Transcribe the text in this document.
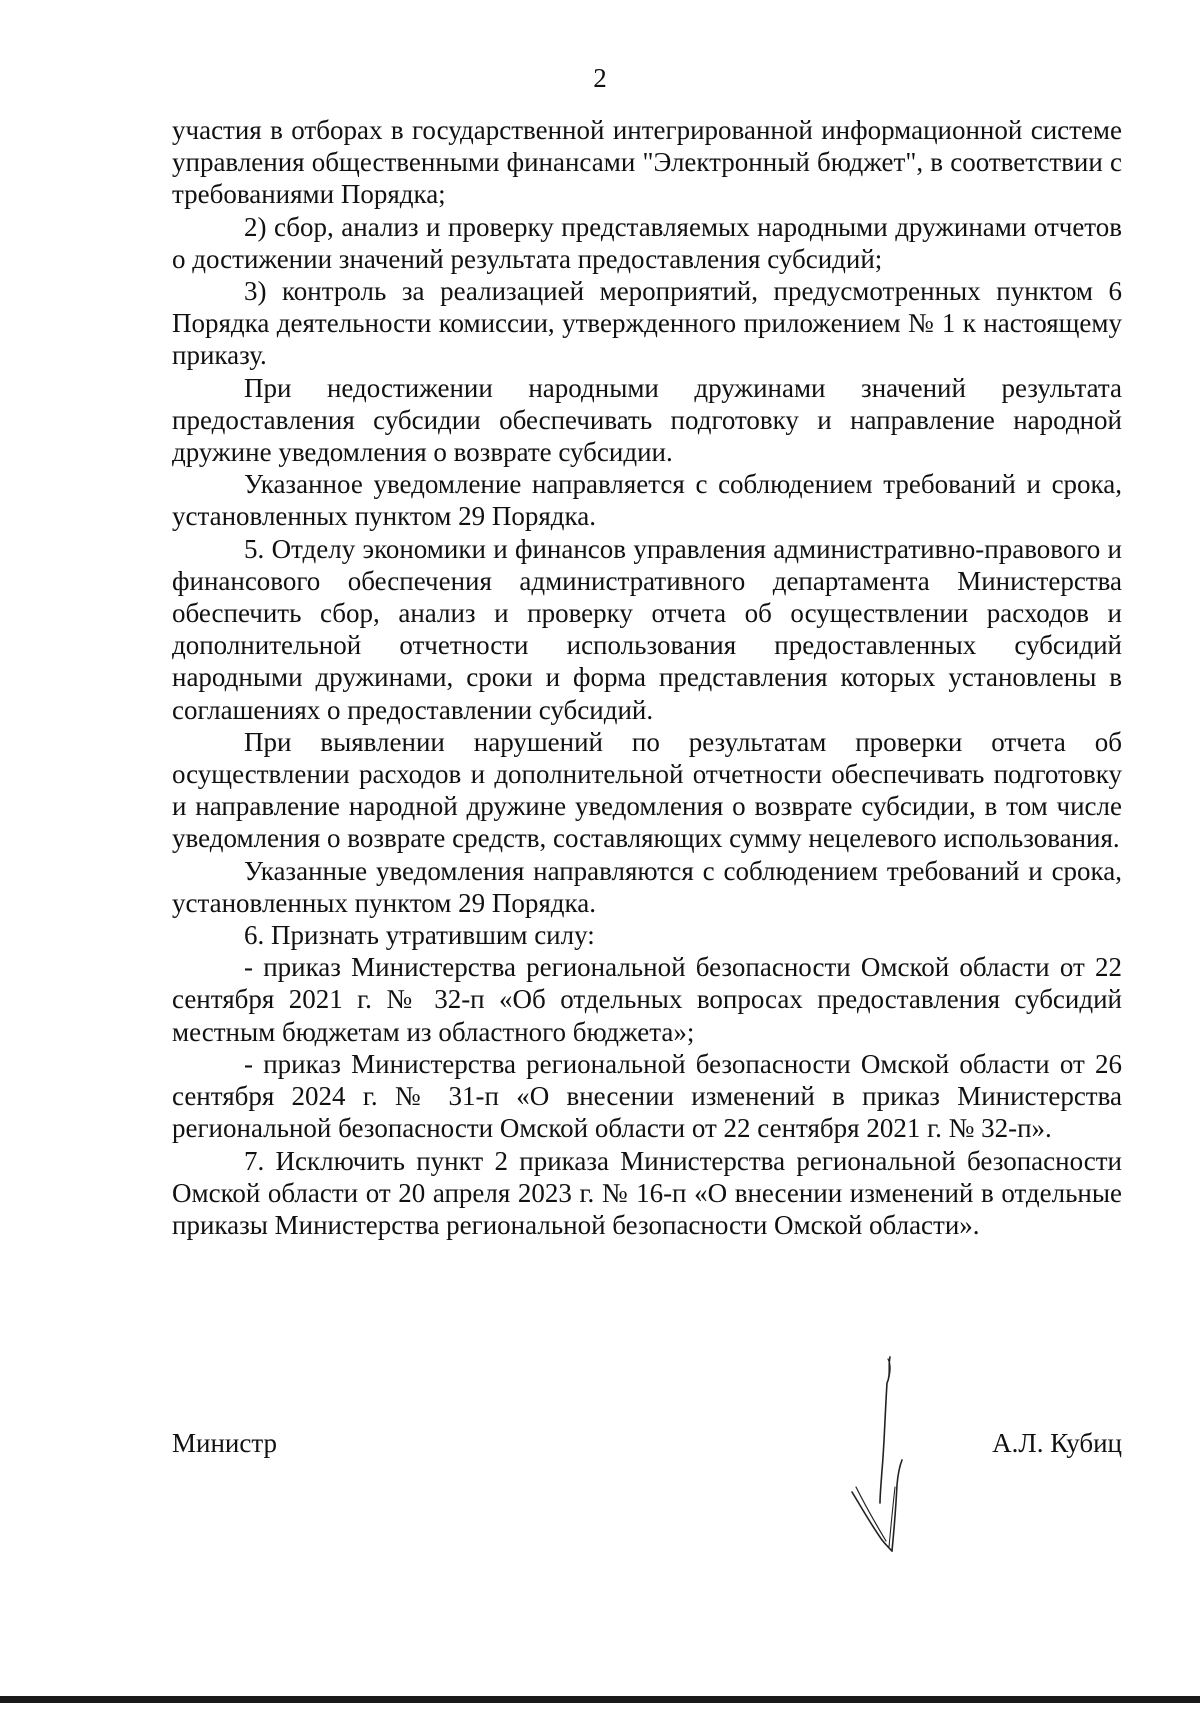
2

участия в отборах в государственной интегрированной информационной системе управления общественными финансами "Электронный бюджет", в соответствии с требованиями Порядка;

2) сбор, анализ и проверку представляемых народными дружинами отчетов о достижении значений результата предоставления субсидий;

3) контроль за реализацией мероприятий, предусмотренных пунктом 6 Порядка деятельности комиссии, утвержденного приложением № 1 к настоящему приказу.

При недостижении народными дружинами значений результата предоставления субсидии обеспечивать подготовку и направление народной дружине уведомления о возврате субсидии.

Указанное уведомление направляется с соблюдением требований и срока, установленных пунктом 29 Порядка.

5. Отделу экономики и финансов управления административно-правового и финансового обеспечения административного департамента Министерства обеспечить сбор, анализ и проверку отчета об осуществлении расходов и дополнительной отчетности использования предоставленных субсидий народными дружинами, сроки и форма представления которых установлены в соглашениях о предоставлении субсидий.

При выявлении нарушений по результатам проверки отчета об осуществлении расходов и дополнительной отчетности обеспечивать подготовку и направление народной дружине уведомления о возврате субсидии, в том числе уведомления о возврате средств, составляющих сумму нецелевого использования.

Указанные уведомления направляются с соблюдением требований и срока, установленных пунктом 29 Порядка.

6. Признать утратившим силу:

- приказ Министерства региональной безопасности Омской области от 22 сентября 2021 г. № 32-п «Об отдельных вопросах предоставления субсидий местным бюджетам из областного бюджета»;

- приказ Министерства региональной безопасности Омской области от 26 сентября 2024 г. № 31-п «О внесении изменений в приказ Министерства региональной безопасности Омской области от 22 сентября 2021 г. № 32-п».

7. Исключить пункт 2 приказа Министерства региональной безопасности Омской области от 20 апреля 2023 г. № 16-п «О внесении изменений в отдельные приказы Министерства региональной безопасности Омской области».

Министр	А.Л. Кубиц
